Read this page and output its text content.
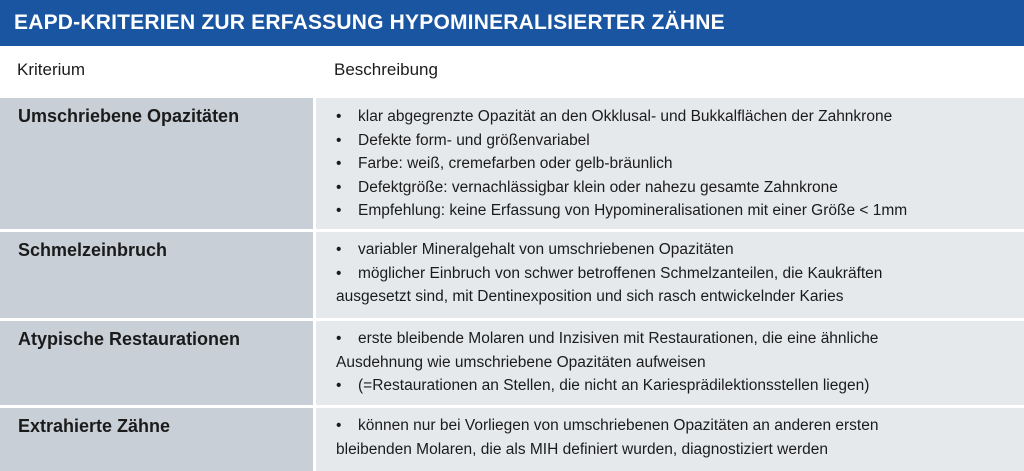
EAPD-KRITERIEN ZUR ERFASSUNG HYPOMINERALISIERTER ZÄHNE
Kriterium	Beschreibung
Umschriebene Opazitäten	• klar abgegrenzte Opazität an den Okklusal- und Bukkalflächen der Zahnkrone
• Defekte form- und größenvariabel
• Farbe: weiß, cremefarben oder gelb-bräunlich
• Defektgröße: vernachlässigbar klein oder nahezu gesamte Zahnkrone
• Empfehlung: keine Erfassung von Hypomineralisationen mit einer Größe < 1mm
Schmelzeinbruch	• variabler Mineralgehalt von umschriebenen Opazitäten
• möglicher Einbruch von schwer betroffenen Schmelzanteilen, die Kaukräften
ausgesetzt sind, mit Dentinexposition und sich rasch entwickelnder Karies
Atypische Restaurationen	• erste bleibende Molaren und Inzisiven mit Restaurationen, die eine ähnliche
Ausdehnung wie umschriebene Opazitäten aufweisen
• (=Restaurationen an Stellen, die nicht an Kariesprädilektionsstellen liegen)
Extrahierte Zähne	• können nur bei Vorliegen von umschriebenen Opazitäten an anderen ersten
bleibenden Molaren, die als MIH definiert wurden, diagnostiziert werden
